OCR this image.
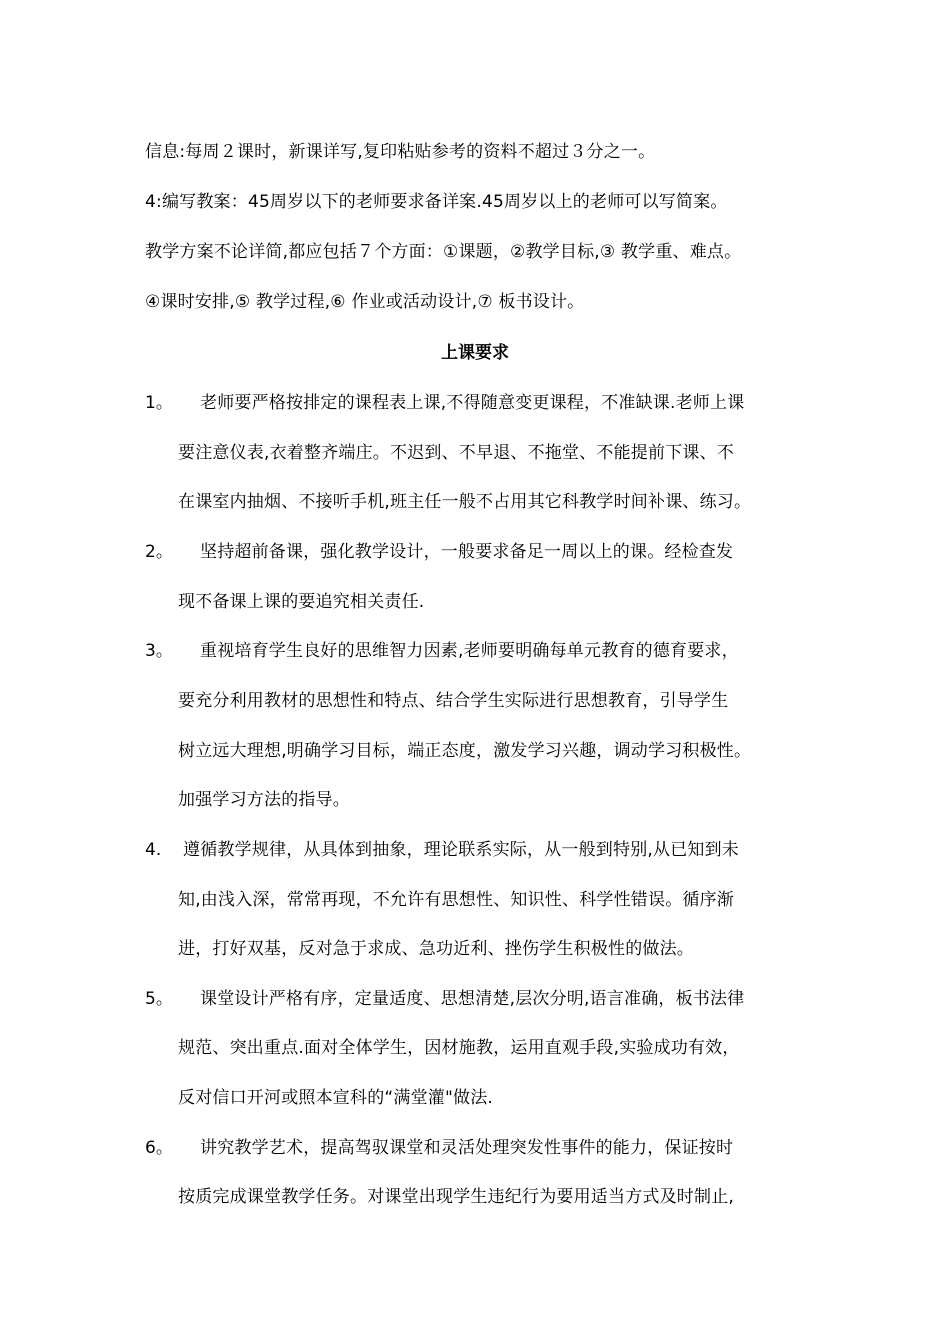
信息:每周２课时，新课详写,复印粘贴参考的资料不超过３分之一。
4:编写教案：45周岁以下的老师要求备详案.45周岁以上的老师可以写简案。
教学方案不论详简,都应包括７个方面：①课题，②教学目标,③ 教学重、难点。
④课时安排,⑤ 教学过程,⑥ 作业或活动设计,⑦ 板书设计。
上课要求
1。 老师要严格按排定的课程表上课,不得随意变更课程，不准缺课.老师上课
要注意仪表,衣着整齐端庄。不迟到、不早退、不拖堂、不能提前下课、不
在课室内抽烟、不接听手机,班主任一般不占用其它科教学时间补课、练习。
2。 坚持超前备课，强化教学设计，一般要求备足一周以上的课。经检查发
现不备课上课的要追究相关责任.
3。 重视培育学生良好的思维智力因素,老师要明确每单元教育的德育要求，
要充分利用教材的思想性和特点、结合学生实际进行思想教育，引导学生
树立远大理想,明确学习目标，端正态度，激发学习兴趣，调动学习积极性。
加强学习方法的指导。
4. 遵循教学规律，从具体到抽象，理论联系实际，从一般到特别,从已知到未
知,由浅入深，常常再现，不允许有思想性、知识性、科学性错误。循序渐
进，打好双基，反对急于求成、急功近利、挫伤学生积极性的做法。
5。 课堂设计严格有序，定量适度、思想清楚,层次分明,语言准确，板书法律
规范、突出重点.面对全体学生，因材施教，运用直观手段,实验成功有效，
反对信口开河或照本宣科的“满堂灌"做法.
6。 讲究教学艺术，提高驾驭课堂和灵活处理突发性事件的能力，保证按时
按质完成课堂教学任务。对课堂出现学生违纪行为要用适当方式及时制止,
